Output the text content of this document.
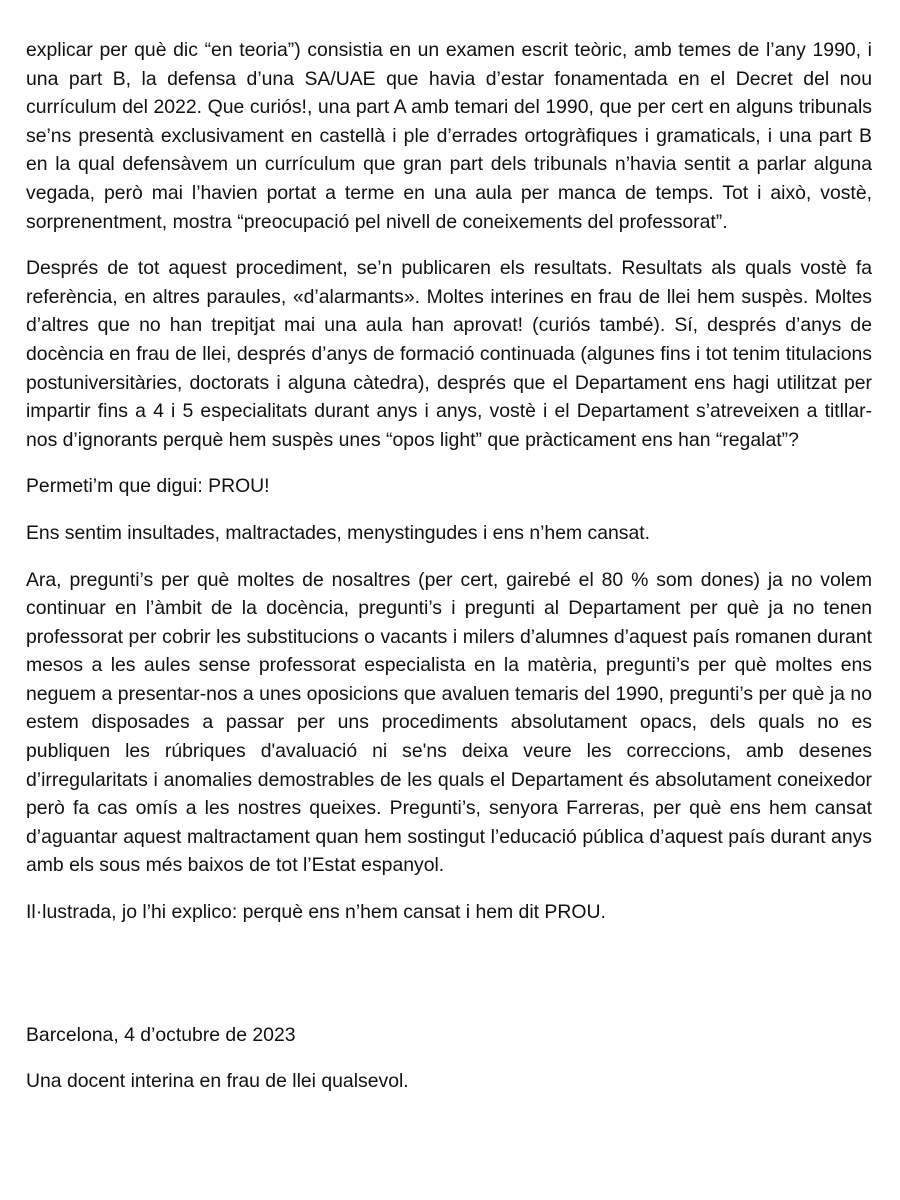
explicar per què dic “en teoria”) consistia en un examen escrit teòric, amb temes de l’any 1990, i una part B, la defensa d’una SA/UAE que havia d’estar fonamentada en el Decret del nou currículum del 2022. Que curiós!, una part A amb temari del 1990, que per cert en alguns tribunals se’ns presentà exclusivament en castellà i ple d’errades ortogràfiques i gramaticals, i una part B en la qual defensàvem un currículum que gran part dels tribunals n’havia sentit a parlar alguna vegada, però mai l’havien portat a terme en una aula per manca de temps. Tot i això, vostè, sorprenentment, mostra “preocupació pel nivell de coneixements del professorat”.

Després de tot aquest procediment, se’n publicaren els resultats. Resultats als quals vostè fa referència, en altres paraules, «d’alarmants». Moltes interines en frau de llei hem suspès. Moltes d’altres que no han trepitjat mai una aula han aprovat! (curiós també). Sí, després d’anys de docència en frau de llei, després d’anys de formació continuada (algunes fins i tot tenim titulacions postuniversitàries, doctorats i alguna càtedra), després que el Departament ens hagi utilitzat per impartir fins a 4 i 5 especialitats durant anys i anys, vostè i el Departament s’atreveixen a titllar-nos d’ignorants perquè hem suspès unes “opos light” que pràcticament ens han “regalat”?

Permeti’m que digui: PROU!

Ens sentim insultades, maltractades, menystingudes i ens n’hem cansat.

Ara, pregunti’s per què moltes de nosaltres (per cert, gairebé el 80 % som dones) ja no volem continuar en l’àmbit de la docència, pregunti’s i pregunti al Departament per què ja no tenen professorat per cobrir les substitucions o vacants i milers d’alumnes d’aquest país romanen durant mesos a les aules sense professorat especialista en la matèria, pregunti’s per què moltes ens neguem a presentar-nos a unes oposicions que avaluen temaris del 1990, pregunti’s per què ja no estem disposades a passar per uns procediments absolutament opacs, dels quals no es publiquen les rúbriques d'avaluació ni se'ns deixa veure les correccions, amb desenes d’irregularitats i anomalies demostrables de les quals el Departament és absolutament coneixedor però fa cas omís a les nostres queixes. Pregunti’s, senyora Farreras, per què ens hem cansat d’aguantar aquest maltractament quan hem sostingut l’educació pública d’aquest país durant anys amb els sous més baixos de tot l’Estat espanyol.

Il·lustrada, jo l’hi explico: perquè ens n’hem cansat i hem dit PROU.

Barcelona, 4 d’octubre de 2023

Una docent interina en frau de llei qualsevol.
